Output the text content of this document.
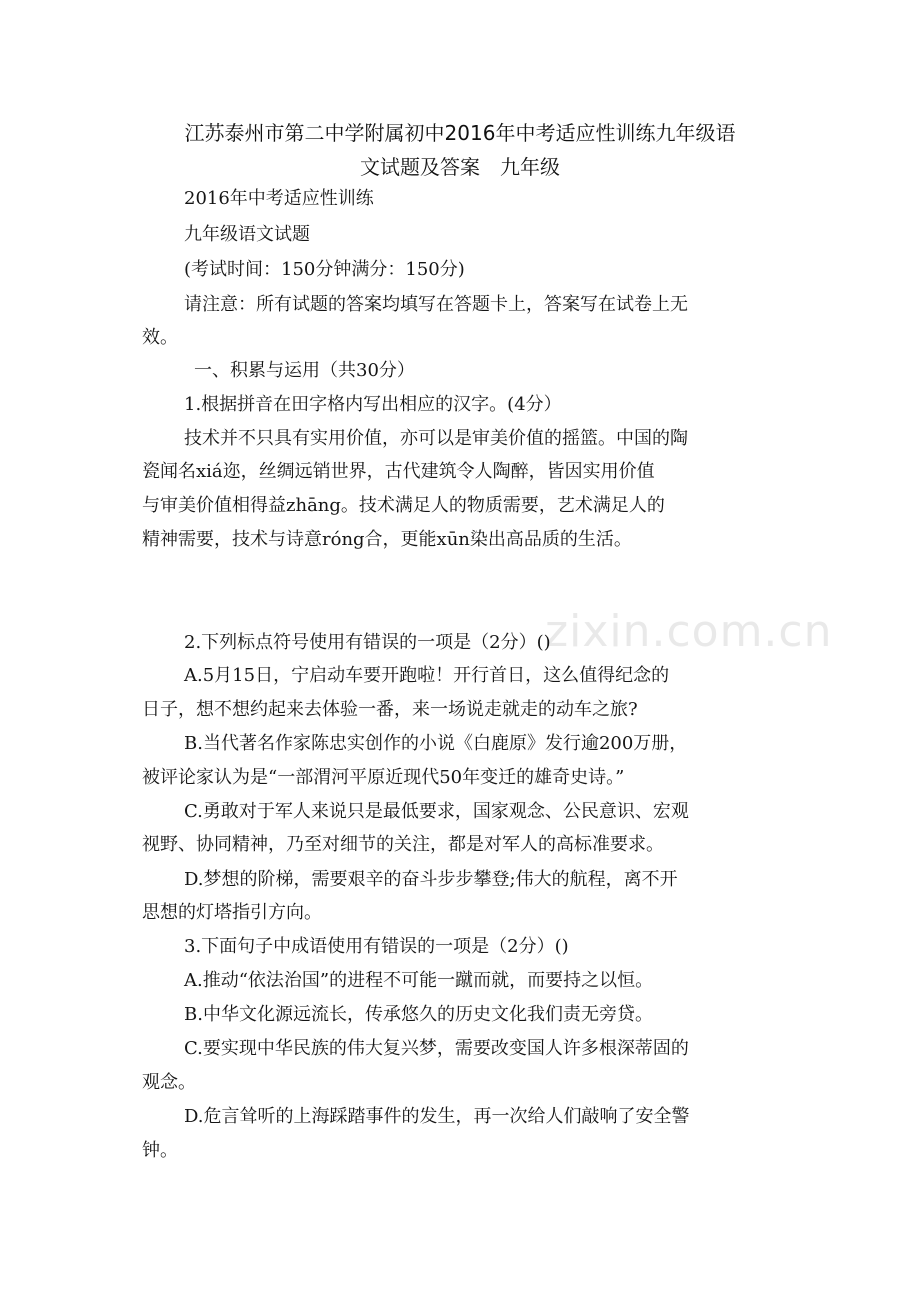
zixin.com.cn
江苏泰州市第二中学附属初中2016年中考适应性训练九年级语
文试题及答案　九年级
2016年中考适应性训练
九年级语文试题
(考试时间：150分钟满分：150分)
请注意：所有试题的答案均填写在答题卡上，答案写在试卷上无
效。
一、积累与运用（共30分）
1.根据拼音在田字格内写出相应的汉字。(4分）
技术并不只具有实用价值，亦可以是审美价值的摇篮。中国的陶
瓷闻名xiá迩，丝绸远销世界，古代建筑令人陶醉，皆因实用价值
与审美价值相得益zhāng。技术满足人的物质需要，艺术满足人的
精神需要，技术与诗意róng合，更能xūn染出高品质的生活。
2.下列标点符号使用有错误的一项是（2分）()
A.5月15日，宁启动车要开跑啦！开行首日，这么值得纪念的
日子，想不想约起来去体验一番，来一场说走就走的动车之旅?
B.当代著名作家陈忠实创作的小说《白鹿原》发行逾200万册，
被评论家认为是“一部渭河平原近现代50年变迁的雄奇史诗。”
C.勇敢对于军人来说只是最低要求，国家观念、公民意识、宏观
视野、协同精神，乃至对细节的关注，都是对军人的高标准要求。
D.梦想的阶梯，需要艰辛的奋斗步步攀登;伟大的航程，离不开
思想的灯塔指引方向。
3.下面句子中成语使用有错误的一项是（2分）()
A.推动“依法治国”的进程不可能一蹴而就，而要持之以恒。
B.中华文化源远流长，传承悠久的历史文化我们责无旁贷。
C.要实现中华民族的伟大复兴梦，需要改变国人许多根深蒂固的
观念。
D.危言耸听的上海踩踏事件的发生，再一次给人们敲响了安全警
钟。
